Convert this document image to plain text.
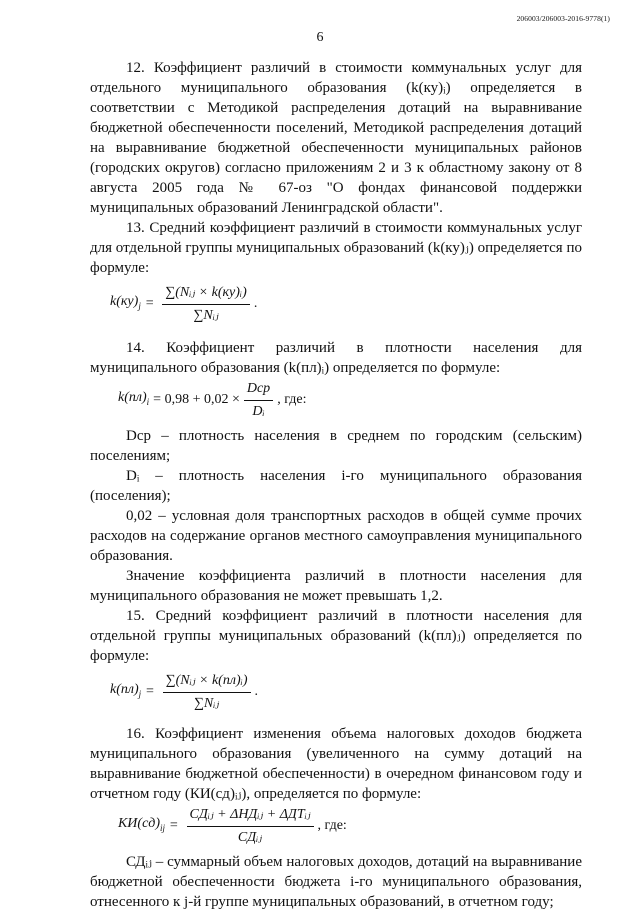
206003/206003-2016-9778(1)
6

12. Коэффициент различий в стоимости коммунальных услуг для отдельного муниципального образования (k(ку)ᵢ) определяется в соответствии с Методикой распределения дотаций на выравнивание бюджетной обеспеченности поселений, Методикой распределения дотаций на выравнивание бюджетной обеспеченности муниципальных районов (городских округов) согласно приложениям 2 и 3 к областному закону от 8 августа 2005 года № 67-оз "О фондах финансовой поддержки муниципальных образований Ленинградской области".

13. Средний коэффициент различий в стоимости коммунальных услуг для отдельной группы муниципальных образований (k(ку)ⱼ) определяется по формуле:

$k(ку)_j = \frac{\text{∑(Nᵢⱼ × k(ку)ᵢ)}}{\text{∑Nᵢⱼ}}$ .

14. Коэффициент различий в плотности населения для муниципального образования (k(пл)ᵢ) определяется по формуле:

$k(пл)_i = 0,98 + 0,02 \times \frac{\text{Dср}}{\text{Dᵢ}}$ , где:

Dср – плотность населения в среднем по городским (сельским) поселениям;

Dᵢ – плотность населения i-го муниципального образования (поселения);

0,02 – условная доля транспортных расходов в общей сумме прочих расходов на содержание органов местного самоуправления муниципального образования.

Значение коэффициента различий в плотности населения для муниципального образования не может превышать 1,2.

15. Средний коэффициент различий в плотности населения для отдельной группы муниципальных образований (k(пл)ⱼ) определяется по формуле:

$k(пл)_j = \frac{\text{∑(Nᵢⱼ × k(пл)ᵢ)}}{\text{∑Nᵢⱼ}}$ .

16. Коэффициент изменения объема налоговых доходов бюджета муниципального образования (увеличенного на сумму дотаций на выравнивание бюджетной обеспеченности) в очередном финансовом году и отчетном году (КИ(сд)ᵢⱼ), определяется по формуле:

$КИ(сд)_{ij} = \frac{\text{СДᵢⱼ + ΔНДᵢⱼ + ΔДТᵢⱼ}}{\text{СДᵢⱼ}}$ , где:

СДᵢⱼ – суммарный объем налоговых доходов, дотаций на выравнивание бюджетной обеспеченности бюджета i-го муниципального образования, отнесенного к j-й группе муниципальных образований, в отчетном году;
